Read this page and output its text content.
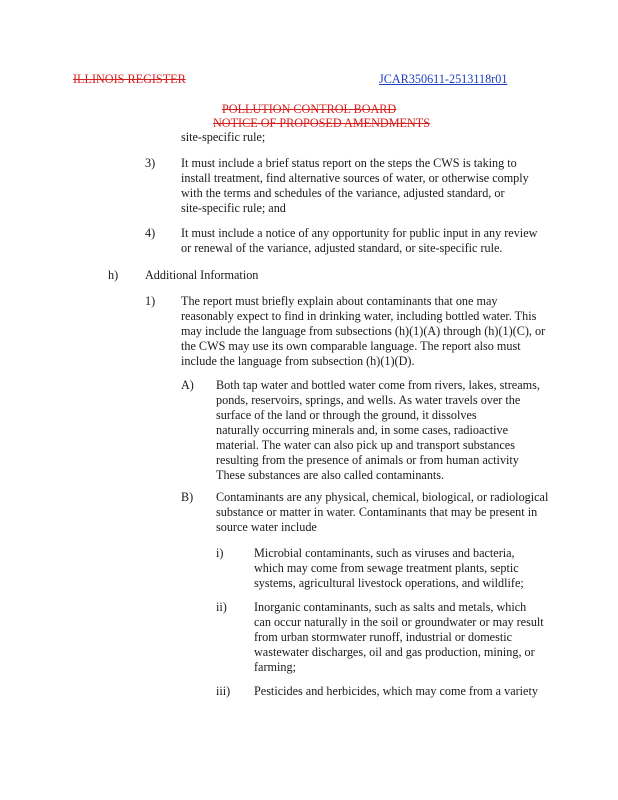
ILLINOIS REGISTER	JCAR350611-2513118r01
POLLUTION CONTROL BOARD
NOTICE OF PROPOSED AMENDMENTS
site-specific rule;
3) It must include a brief status report on the steps the CWS is taking to
install treatment, find alternative sources of water, or otherwise comply
with the terms and schedules of the variance, adjusted standard, or
site-specific rule; and
4) It must include a notice of any opportunity for public input in any review
or renewal of the variance, adjusted standard, or site-specific rule.
h) Additional Information
1) The report must briefly explain about contaminants that one may
reasonably expect to find in drinking water, including bottled water. This
may include the language from subsections (h)(1)(A) through (h)(1)(C), or
the CWS may use its own comparable language. The report also must
include the language from subsection (h)(1)(D).
A) Both tap water and bottled water come from rivers, lakes, streams,
ponds, reservoirs, springs, and wells. As water travels over the
surface of the land or through the ground, it dissolves
naturally occurring minerals and, in some cases, radioactive
material. The water can also pick up and transport substances
resulting from the presence of animals or from human activity
These substances are also called contaminants.
B) Contaminants are any physical, chemical, biological, or radiological
substance or matter in water. Contaminants that may be present in
source water include
i)	Microbial contaminants, such as viruses and bacteria,
which may come from sewage treatment plants, septic
systems, agricultural livestock operations, and wildlife;
ii) Inorganic contaminants, such as salts and metals, which
can occur naturally in the soil or groundwater or may result
from urban stormwater runoff, industrial or domestic
wastewater discharges, oil and gas production, mining, or
farming;
iii) Pesticides and herbicides, which may come from a variety
